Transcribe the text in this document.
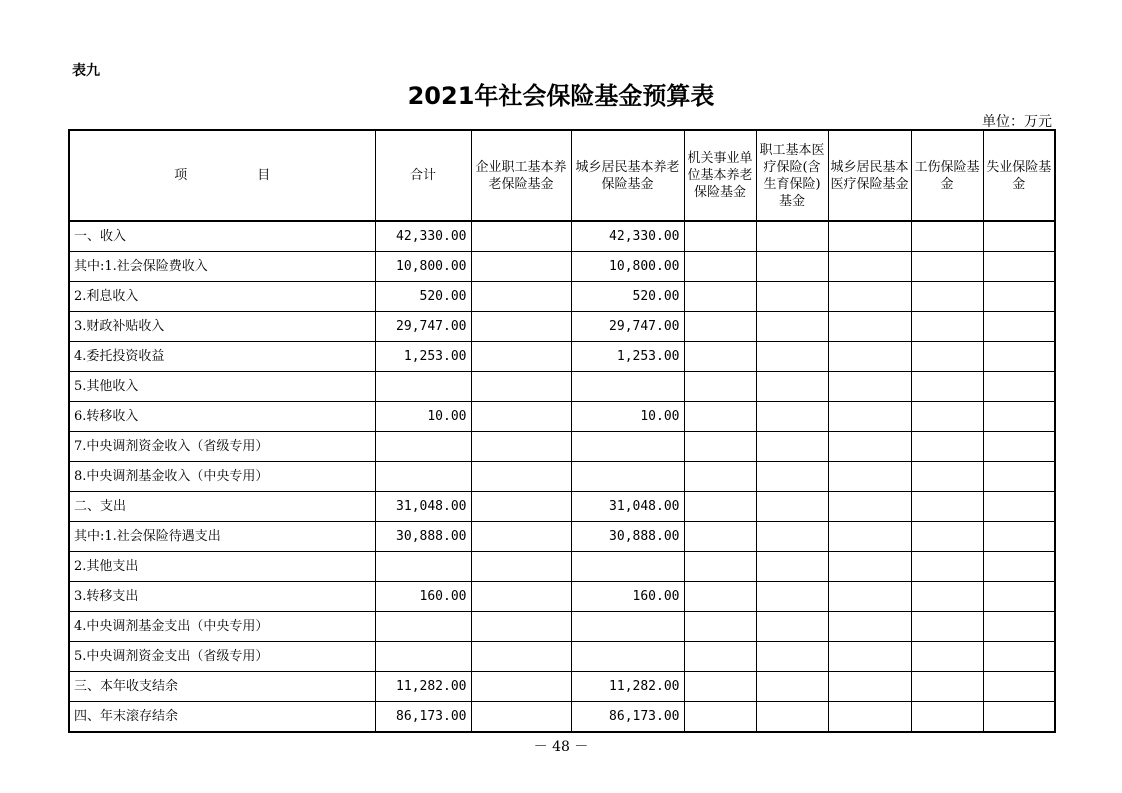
表九
2021年社会保险基金预算表
单位：万元
项 目	合计	企业职工基本养老保险基金	城乡居民基本养老保险基金	机关事业单位基本养老保险基金	职工基本医疗保险(含生育保险)基金	城乡居民基本医疗保险基金	工伤保险基金	失业保险基金
一、收入	42,330.00		42,330.00					
其中:1.社会保险费收入	10,800.00		10,800.00					
2.利息收入	520.00		520.00					
3.财政补贴收入	29,747.00		29,747.00					
4.委托投资收益	1,253.00		1,253.00					
5.其他收入								
6.转移收入	10.00		10.00					
7.中央调剂资金收入（省级专用）								
8.中央调剂基金收入（中央专用）								
二、支出	31,048.00		31,048.00					
其中:1.社会保险待遇支出	30,888.00		30,888.00					
2.其他支出								
3.转移支出	160.00		160.00					
4.中央调剂基金支出（中央专用）								
5.中央调剂资金支出（省级专用）								
三、本年收支结余	11,282.00		11,282.00					
四、年末滚存结余	86,173.00		86,173.00					
－ 48 －
